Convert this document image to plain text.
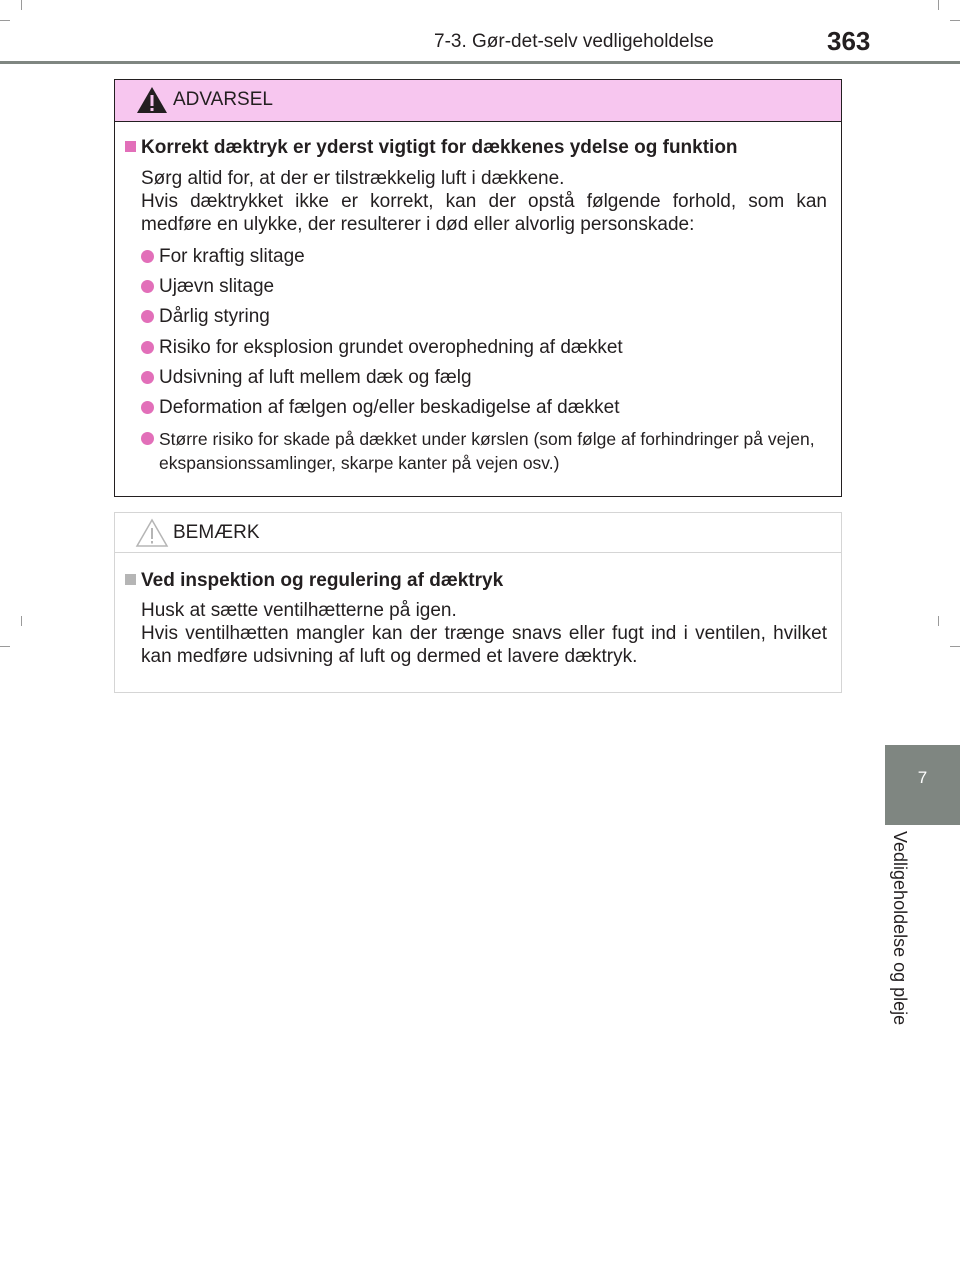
7-3. Gør-det-selv vedligeholdelse	363
7
Vedligeholdelse og pleje
ADVARSEL
Korrekt dæktryk er yderst vigtigt for dækkenes ydelse og funktion
Sørg altid for, at der er tilstrækkelig luft i dækkene.
Hvis dæktrykket ikke er korrekt, kan der opstå følgende forhold, som kan medføre en ulykke, der resulterer i død eller alvorlig personskade:
For kraftig slitage
Ujævn slitage
Dårlig styring
Risiko for eksplosion grundet overophedning af dækket
Udsivning af luft mellem dæk og fælg
Deformation af fælgen og/eller beskadigelse af dækket
Større risiko for skade på dækket under kørslen (som følge af forhindringer på vejen, ekspansionssamlinger, skarpe kanter på vejen osv.)
BEMÆRK
Ved inspektion og regulering af dæktryk
Husk at sætte ventilhætterne på igen.
Hvis ventilhætten mangler kan der trænge snavs eller fugt ind i ventilen, hvilket kan medføre udsivning af luft og dermed et lavere dæktryk.
